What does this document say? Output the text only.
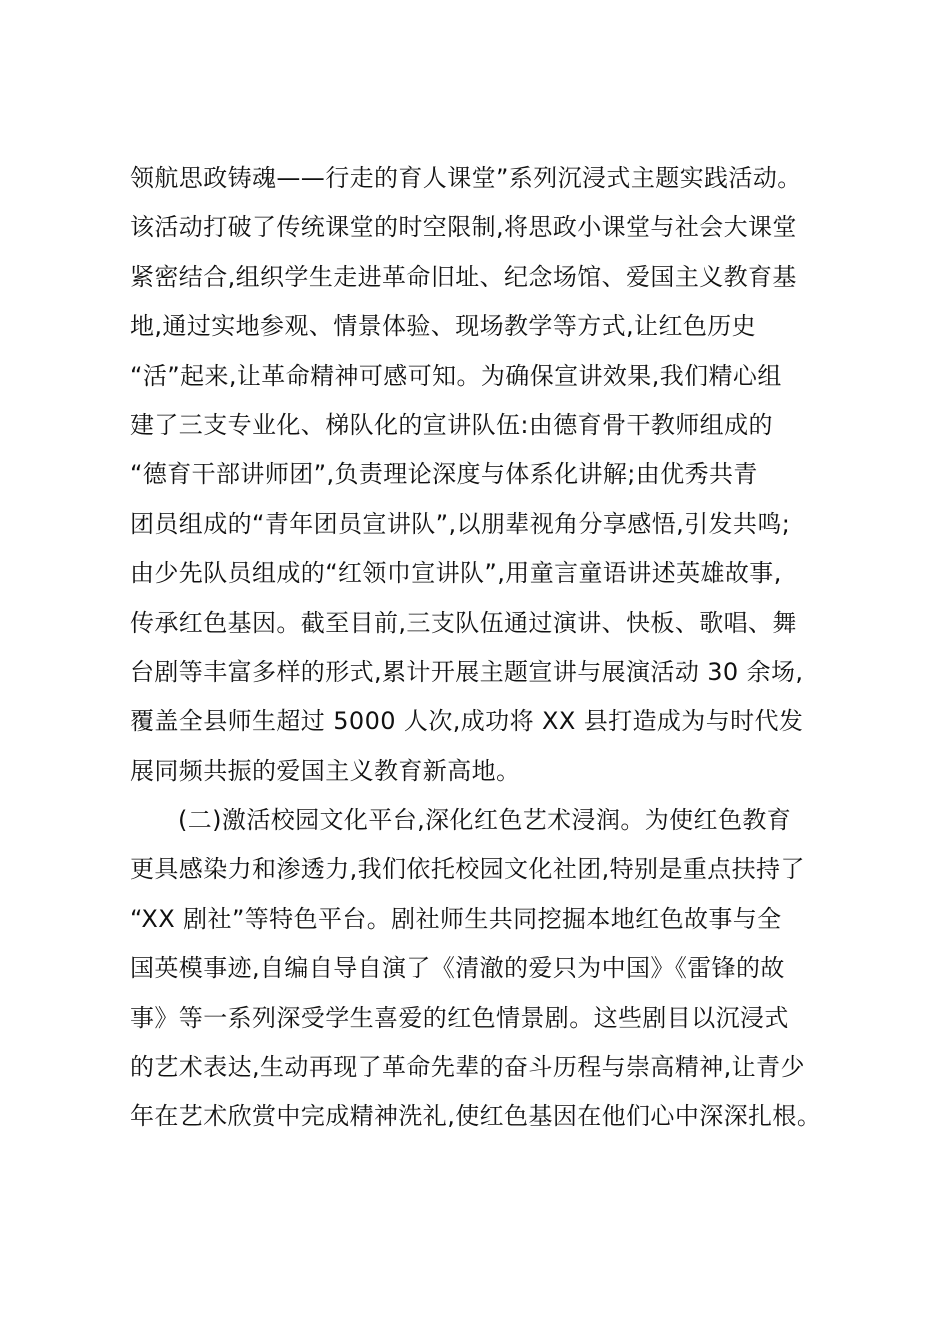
领航思政铸魂——行走的育人课堂”系列沉浸式主题实践活动。
该活动打破了传统课堂的时空限制,将思政小课堂与社会大课堂
紧密结合,组织学生走进革命旧址、纪念场馆、爱国主义教育基
地,通过实地参观、情景体验、现场教学等方式,让红色历史
“活”起来,让革命精神可感可知。为确保宣讲效果,我们精心组
建了三支专业化、梯队化的宣讲队伍:由德育骨干教师组成的
“德育干部讲师团”,负责理论深度与体系化讲解;由优秀共青
团员组成的“青年团员宣讲队”,以朋辈视角分享感悟,引发共鸣;
由少先队员组成的“红领巾宣讲队”,用童言童语讲述英雄故事,
传承红色基因。截至目前,三支队伍通过演讲、快板、歌唱、舞
台剧等丰富多样的形式,累计开展主题宣讲与展演活动 30 余场,
覆盖全县师生超过 5000 人次,成功将 XX 县打造成为与时代发
展同频共振的爱国主义教育新高地。
(二)激活校园文化平台,深化红色艺术浸润。为使红色教育
更具感染力和渗透力,我们依托校园文化社团,特别是重点扶持了
“XX 剧社”等特色平台。剧社师生共同挖掘本地红色故事与全
国英模事迹,自编自导自演了《清澈的爱只为中国》《雷锋的故
事》等一系列深受学生喜爱的红色情景剧。这些剧目以沉浸式
的艺术表达,生动再现了革命先辈的奋斗历程与崇高精神,让青少
年在艺术欣赏中完成精神洗礼,使红色基因在他们心中深深扎根。
